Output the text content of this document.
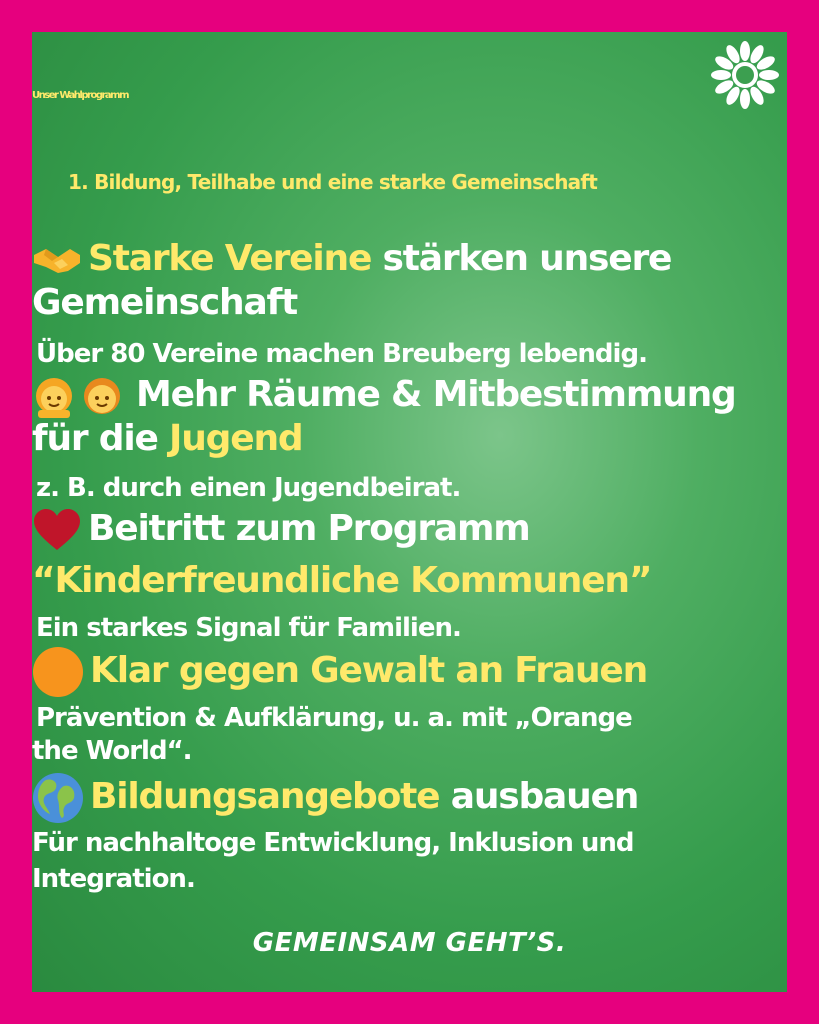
Unser Wahlprogramm
1. Bildung, Teilhabe und eine starke Gemeinschaft
Starke Vereine stärken unsere
Gemeinschaft
Über 80 Vereine machen Breuberg lebendig.
Mehr Räume & Mitbestimmung
für die Jugend
z. B. durch einen Jugendbeirat.
Beitritt zum Programm
“Kinderfreundliche Kommunen”
Ein starkes Signal für Familien.
Klar gegen Gewalt an Frauen
Prävention & Aufklärung, u. a. mit „Orange
the World“.
Bildungsangebote ausbauen
Für nachhaltoge Entwicklung, Inklusion und
Integration.
GEMEINSAM GEHT’S.
